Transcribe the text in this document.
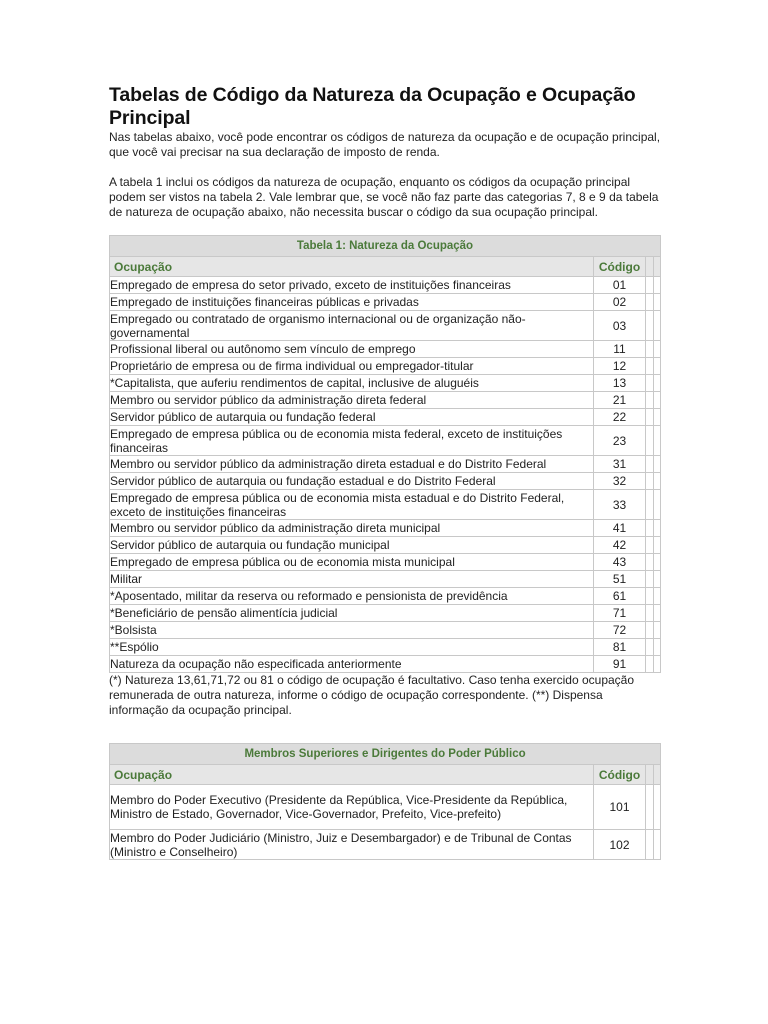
Tabelas de Código da Natureza da Ocupação e Ocupação Principal

Nas tabelas abaixo, você pode encontrar os códigos de natureza da ocupação e de ocupação principal, que você vai precisar na sua declaração de imposto de renda.

A tabela 1 inclui os códigos da natureza de ocupação, enquanto os códigos da ocupação principal podem ser vistos na tabela 2. Vale lembrar que, se você não faz parte das categorias 7, 8 e 9 da tabela de natureza de ocupação abaixo, não necessita buscar o código da sua ocupação principal.

Tabela 1: Natureza da Ocupação			
Ocupação	Código		
Empregado de empresa do setor privado, exceto de instituições financeiras	01		
Empregado de instituições financeiras públicas e privadas	02		
Empregado ou contratado de organismo internacional ou de organização não-governamental	03		
Profissional liberal ou autônomo sem vínculo de emprego	11		
Proprietário de empresa ou de firma individual ou empregador-titular	12		
*Capitalista, que auferiu rendimentos de capital, inclusive de aluguéis	13		
Membro ou servidor público da administração direta federal	21		
Servidor público de autarquia ou fundação federal	22		
Empregado de empresa pública ou de economia mista federal, exceto de instituições financeiras	23		
Membro ou servidor público da administração direta estadual e do Distrito Federal	31		
Servidor público de autarquia ou fundação estadual e do Distrito Federal	32		
Empregado de empresa pública ou de economia mista estadual e do Distrito Federal, exceto de instituições financeiras	33		
Membro ou servidor público da administração direta municipal	41		
Servidor público de autarquia ou fundação municipal	42		
Empregado de empresa pública ou de economia mista municipal	43		
Militar	51		
*Aposentado, militar da reserva ou reformado e pensionista de previdência	61		
*Beneficiário de pensão alimentícia judicial	71		
*Bolsista	72		
**Espólio	81		
Natureza da ocupação não especificada anteriormente	91		

(*) Natureza 13,61,71,72 ou 81 o código de ocupação é facultativo. Caso tenha exercido ocupação remunerada de outra natureza, informe o código de ocupação correspondente. (**) Dispensa informação da ocupação principal.

Membros Superiores e Dirigentes do Poder Público			
Ocupação	Código		
Membro do Poder Executivo (Presidente da República, Vice-Presidente da República, Ministro de Estado, Governador, Vice-Governador, Prefeito, Vice-prefeito)	101		
Membro do Poder Judiciário (Ministro, Juiz e Desembargador) e de Tribunal de Contas (Ministro e Conselheiro)	102		
